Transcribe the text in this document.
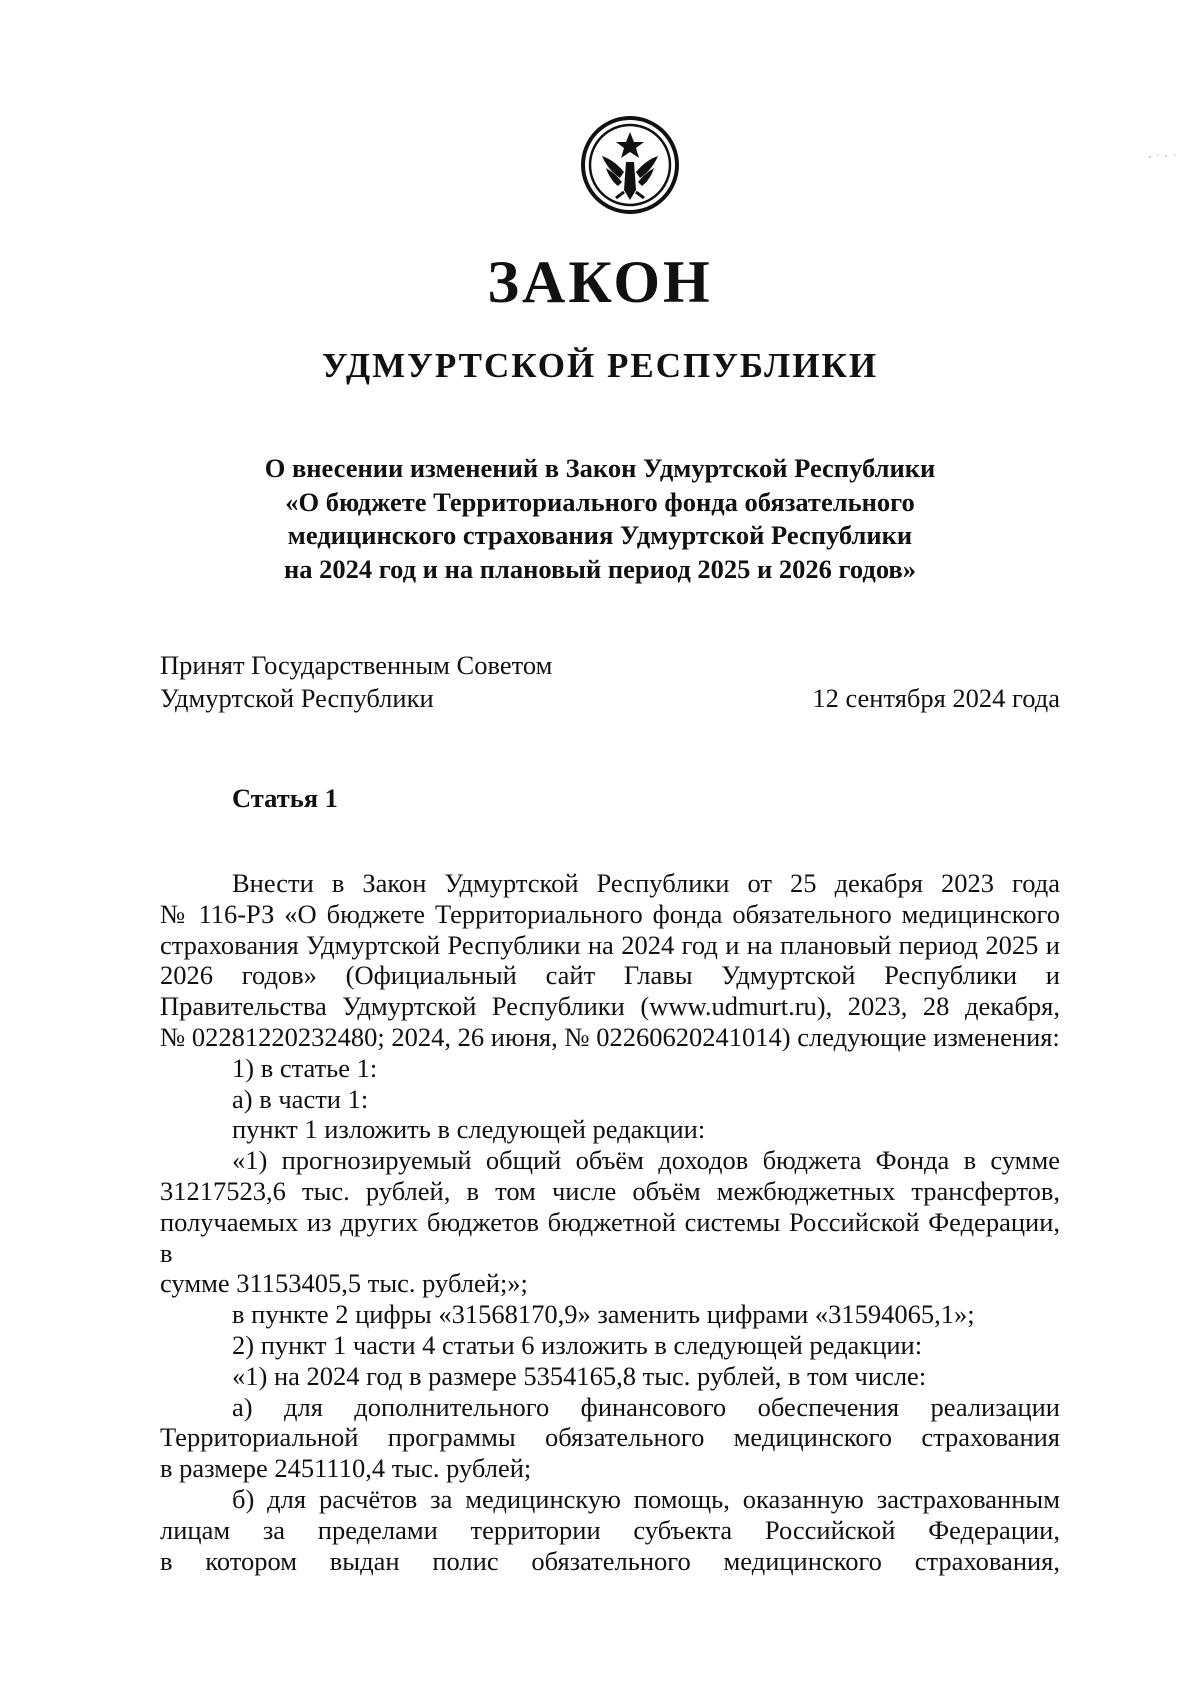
ЗАКОН
УДМУРТСКОЙ РЕСПУБЛИКИ
О внесении изменений в Закон Удмуртской Республики
«О бюджете Территориального фонда обязательного
медицинского страхования Удмуртской Республики
на 2024 год и на плановый период 2025 и 2026 годов»
Принят Государственным Советом
Удмуртской Республики	12 сентября 2024 года
Статья 1

Внести в Закон Удмуртской Республики от 25 декабря 2023 года

№ 116-РЗ «О бюджете Территориального фонда обязательного медицинского

страхования Удмуртской Республики на 2024 год и на плановый период 2025 и

2026 годов» (Официальный сайт Главы Удмуртской Республики и

Правительства Удмуртской Республики (www.udmurt.ru), 2023, 28 декабря,

№ 02281220232480; 2024, 26 июня, № 02260620241014) следующие изменения:

1) в статье 1:

а) в части 1:

пункт 1 изложить в следующей редакции:

«1) прогнозируемый общий объём доходов бюджета Фонда в сумме

31217523,6 тыс. рублей, в том числе объём межбюджетных трансфертов,

получаемых из других бюджетов бюджетной системы Российской Федерации, в

сумме 31153405,5 тыс. рублей;»;

в пункте 2 цифры «31568170,9» заменить цифрами «31594065,1»;

2) пункт 1 части 4 статьи 6 изложить в следующей редакции:

«1) на 2024 год в размере 5354165,8 тыс. рублей, в том числе:

а) для дополнительного финансового обеспечения реализации

Территориальной программы обязательного медицинского страхования

в размере 2451110,4 тыс. рублей;

б) для расчётов за медицинскую помощь, оказанную застрахованным

лицам за пределами территории субъекта Российской Федерации,

в котором выдан полис обязательного медицинского страхования,
